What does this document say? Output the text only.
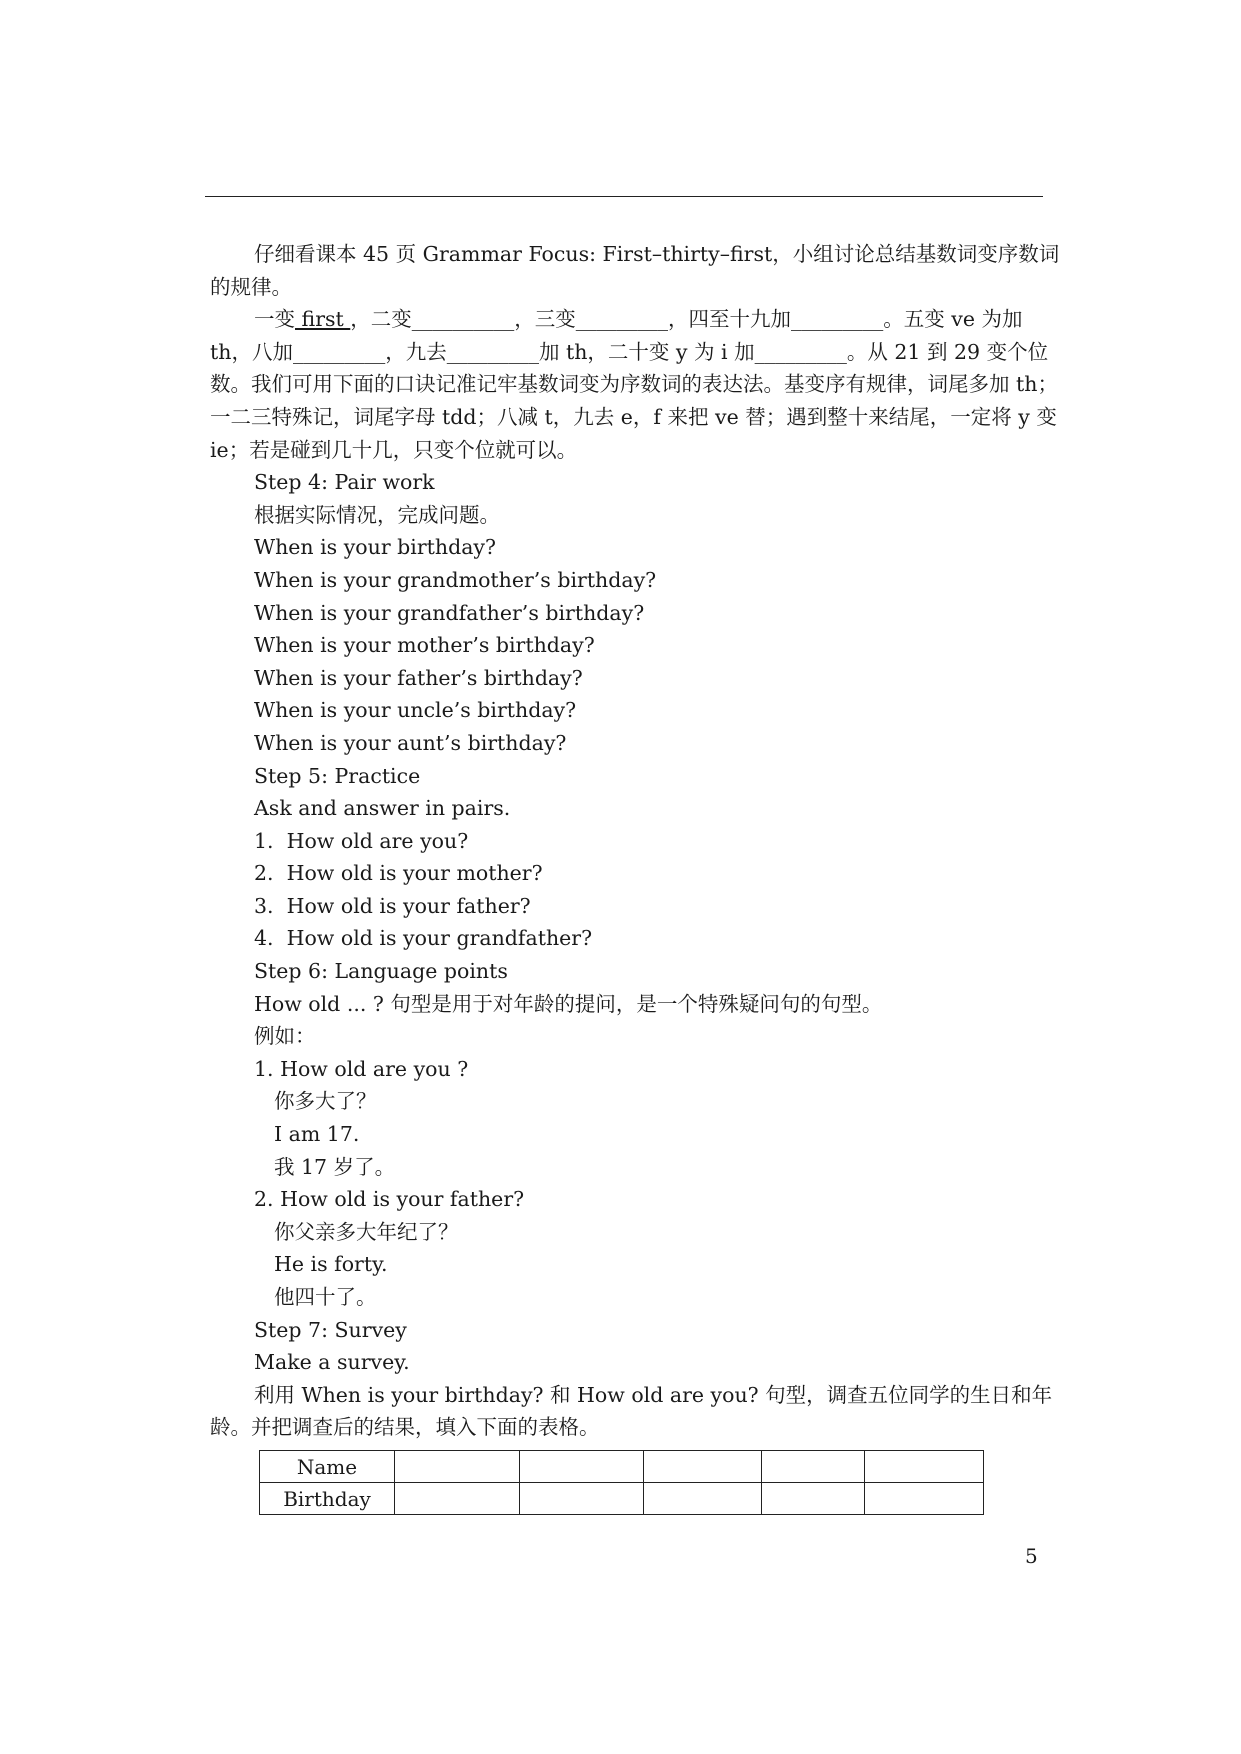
仔细看课本 45 页 Grammar Focus: First–thirty–first，小组讨论总结基数词变序数词的规律。

一变 first ，二变__________，三变_________，四至十九加_________。五变 ve 为加 th，八加_________，九去_________加 th，二十变 y 为 i 加_________。从 21 到 29 变个位数。我们可用下面的口诀记准记牢基数词变为序数词的表达法。基变序有规律，词尾多加 th；一二三特殊记，词尾字母 tdd；八减 t，九去 e，f 来把 ve 替；遇到整十来结尾，一定将 y 变 ie；若是碰到几十几，只变个位就可以。

Step 4: Pair work

根据实际情况，完成问题。

When is your birthday?

When is your grandmother’s birthday?

When is your grandfather’s birthday?

When is your mother’s birthday?

When is your father’s birthday?

When is your uncle’s birthday?

When is your aunt’s birthday?

Step 5: Practice

Ask and answer in pairs.

1.  How old are you?

2.  How old is your mother?

3.  How old is your father?

4.  How old is your grandfather?

Step 6: Language points

How old ... ? 句型是用于对年龄的提问，是一个特殊疑问句的句型。

例如：

1. How old are you ?

你多大了？

I am 17.

我 17 岁了。

2. How old is your father?

你父亲多大年纪了？

He is forty.

他四十了。

Step 7: Survey

Make a survey.

利用 When is your birthday? 和 How old are you? 句型，调查五位同学的生日和年龄。并把调查后的结果，填入下面的表格。

Name					
Birthday					
5
